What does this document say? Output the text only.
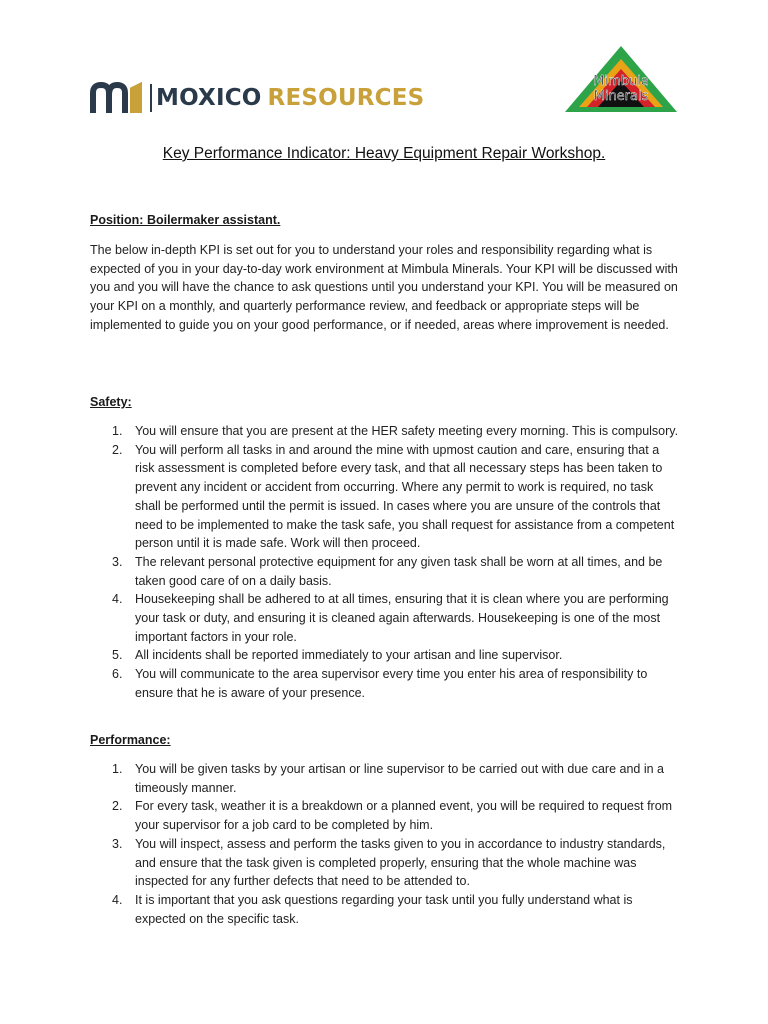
MOXICO RESOURCES
Mimbula
Minerals
Key Performance Indicator: Heavy Equipment Repair Workshop.
Position: Boilermaker assistant.
The below in-depth KPI is set out for you to understand your roles and responsibility regarding what is expected of you in your day-to-day work environment at Mimbula Minerals. Your KPI will be discussed with you and you will have the chance to ask questions until you understand your KPI. You will be measured on your KPI on a monthly, and quarterly performance review, and feedback or appropriate steps will be implemented to guide you on your good performance, or if needed, areas where improvement is needed.
Safety:
1. You will ensure that you are present at the HER safety meeting every morning. This is compulsory.
2. You will perform all tasks in and around the mine with upmost caution and care, ensuring that a risk assessment is completed before every task, and that all necessary steps has been taken to prevent any incident or accident from occurring. Where any permit to work is required, no task shall be performed until the permit is issued. In cases where you are unsure of the controls that need to be implemented to make the task safe, you shall request for assistance from a competent person until it is made safe. Work will then proceed.
3. The relevant personal protective equipment for any given task shall be worn at all times, and be taken good care of on a daily basis.
4. Housekeeping shall be adhered to at all times, ensuring that it is clean where you are performing your task or duty, and ensuring it is cleaned again afterwards. Housekeeping is one of the most important factors in your role.
5. All incidents shall be reported immediately to your artisan and line supervisor.
6. You will communicate to the area supervisor every time you enter his area of responsibility to ensure that he is aware of your presence.
Performance:
1. You will be given tasks by your artisan or line supervisor to be carried out with due care and in a timeously manner.
2. For every task, weather it is a breakdown or a planned event, you will be required to request from your supervisor for a job card to be completed by him.
3. You will inspect, assess and perform the tasks given to you in accordance to industry standards, and ensure that the task given is completed properly, ensuring that the whole machine was inspected for any further defects that need to be attended to.
4. It is important that you ask questions regarding your task until you fully understand what is expected on the specific task.
